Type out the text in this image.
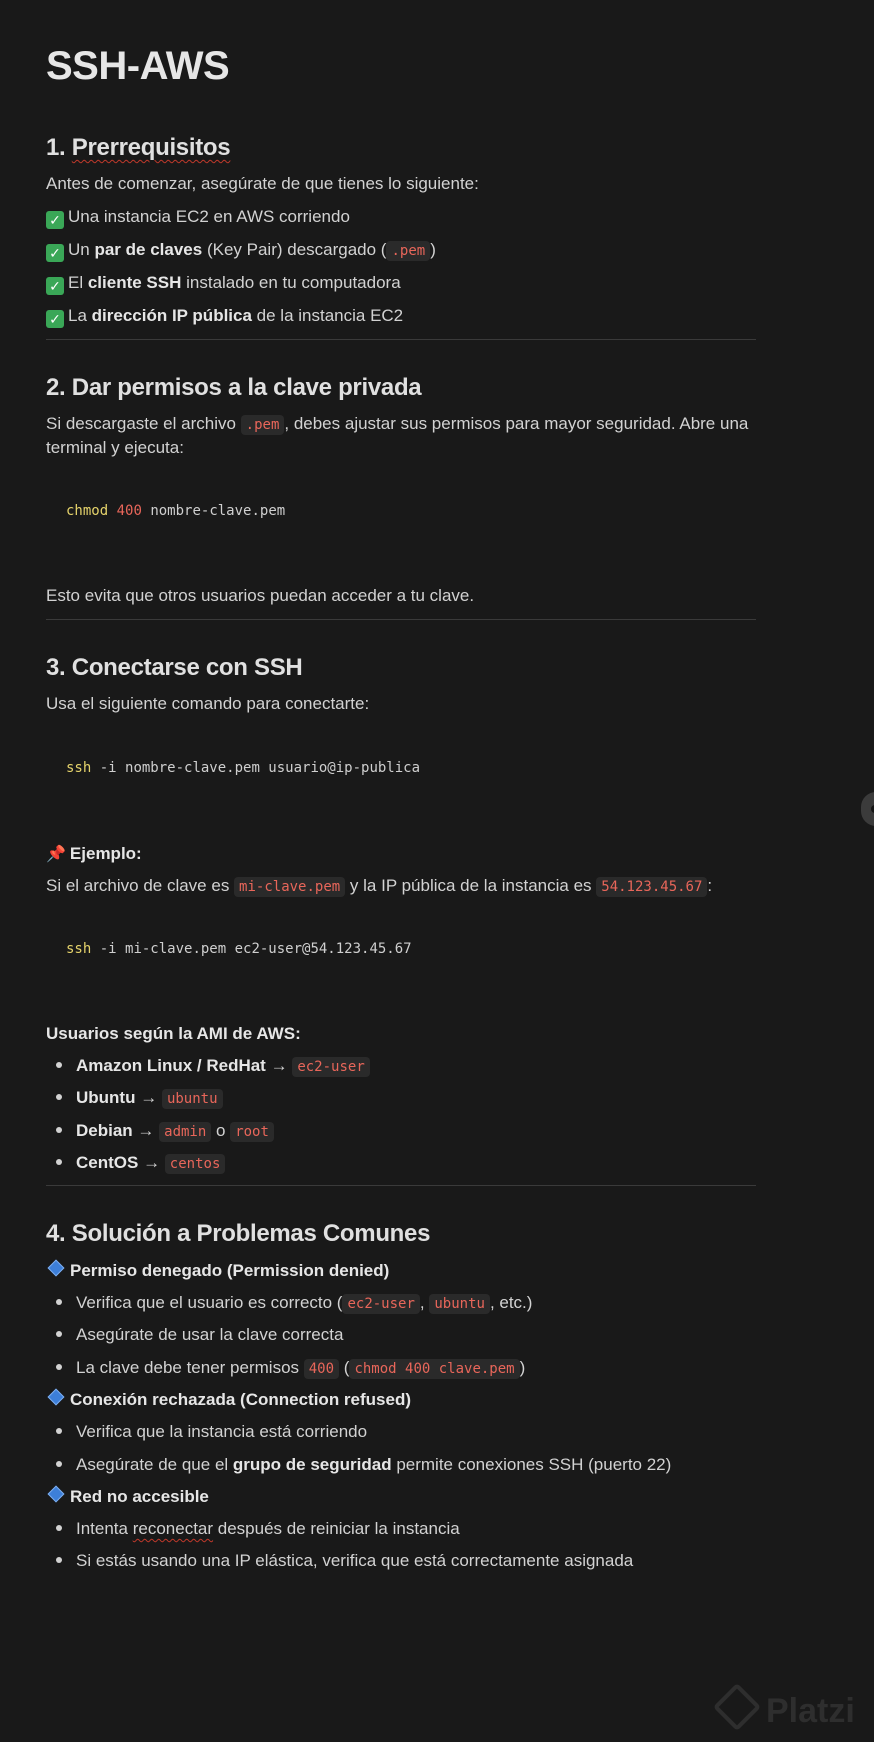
SSH-AWS
1. Prerrequisitos
Antes de comenzar, asegúrate de que tienes lo siguiente:
✓ Una instancia EC2 en AWS corriendo
✓ Un par de claves (Key Pair) descargado ( .pem )
✓ El cliente SSH instalado en tu computadora
✓ La dirección IP pública de la instancia EC2
2. Dar permisos a la clave privada
Si descargaste el archivo .pem , debes ajustar sus permisos para mayor seguridad. Abre una
terminal y ejecuta:
chmod 400 nombre-clave.pem
Esto evita que otros usuarios puedan acceder a tu clave.
3. Conectarse con SSH
Usa el siguiente comando para conectarte:
ssh -i nombre-clave.pem usuario@ip-publica
📌 Ejemplo:
Si el archivo de clave es mi-clave.pem y la IP pública de la instancia es 54.123.45.67 :
ssh -i mi-clave.pem ec2-user@54.123.45.67
Usuarios según la AMI de AWS:
Amazon Linux / RedHat → ec2-user
Ubuntu → ubuntu
Debian → admin o root
CentOS → centos
4. Solución a Problemas Comunes
Permiso denegado (Permission denied)
Verifica que el usuario es correcto ( ec2-user , ubuntu , etc.)
Asegúrate de usar la clave correcta
La clave debe tener permisos 400 ( chmod 400 clave.pem )
Conexión rechazada (Connection refused)
Verifica que la instancia está corriendo
Asegúrate de que el grupo de seguridad permite conexiones SSH (puerto 22)
Red no accesible
Intenta reconectar después de reiniciar la instancia
Si estás usando una IP elástica, verifica que está correctamente asignada
Platzi
